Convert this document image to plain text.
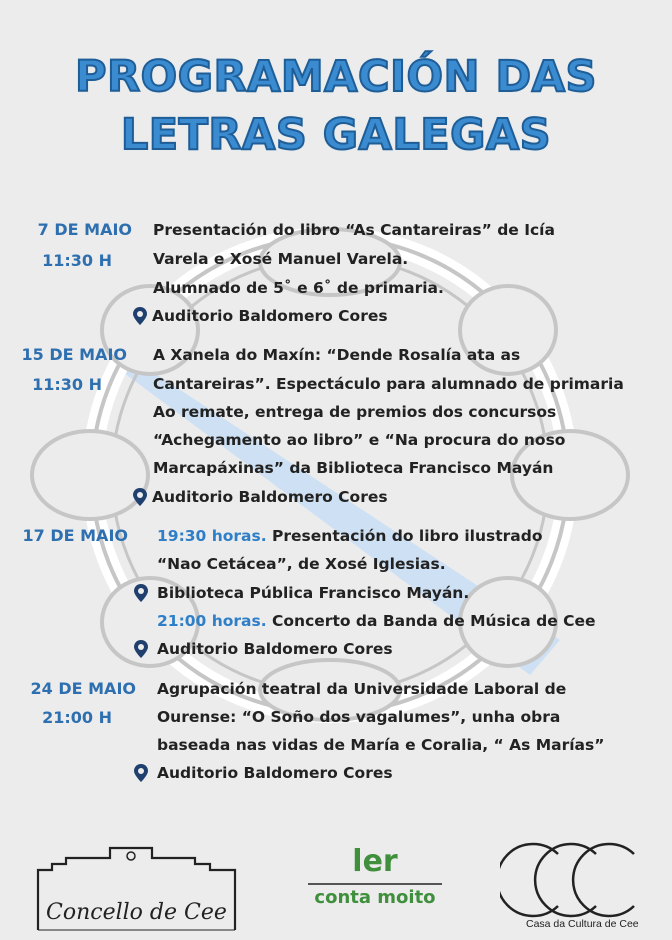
PROGRAMACIÓN DAS
LETRAS GALEGAS
7 DE MAIO
11:30 H
Presentación do libro “As Cantareiras” de Icía
Varela e Xosé Manuel Varela.
Alumnado de 5˚ e 6˚ de primaria.
Auditorio Baldomero Cores
15 DE MAIO
11:30 H
A Xanela do Maxín: “Dende Rosalía ata as
Cantareiras”. Espectáculo para alumnado de primaria
Ao remate, entrega de premios dos concursos
“Achegamento ao libro” e “Na procura do noso
Marcapáxinas” da Biblioteca Francisco Mayán
Auditorio Baldomero Cores
17 DE MAIO 19:30 horas. Presentación do libro ilustrado
“Nao Cetácea”, de Xosé Iglesias.
Biblioteca Pública Francisco Mayán.
21:00 horas. Concerto da Banda de Música de Cee
Auditorio Baldomero Cores
24 DE MAIO
21:00 H
Agrupación teatral da Universidade Laboral de
Ourense: “O Soño dos vagalumes”, unha obra
baseada nas vidas de María e Coralia, “ As Marías”
Auditorio Baldomero Cores
Concello de Cee
ler
conta moito
Casa da Cultura de Cee
